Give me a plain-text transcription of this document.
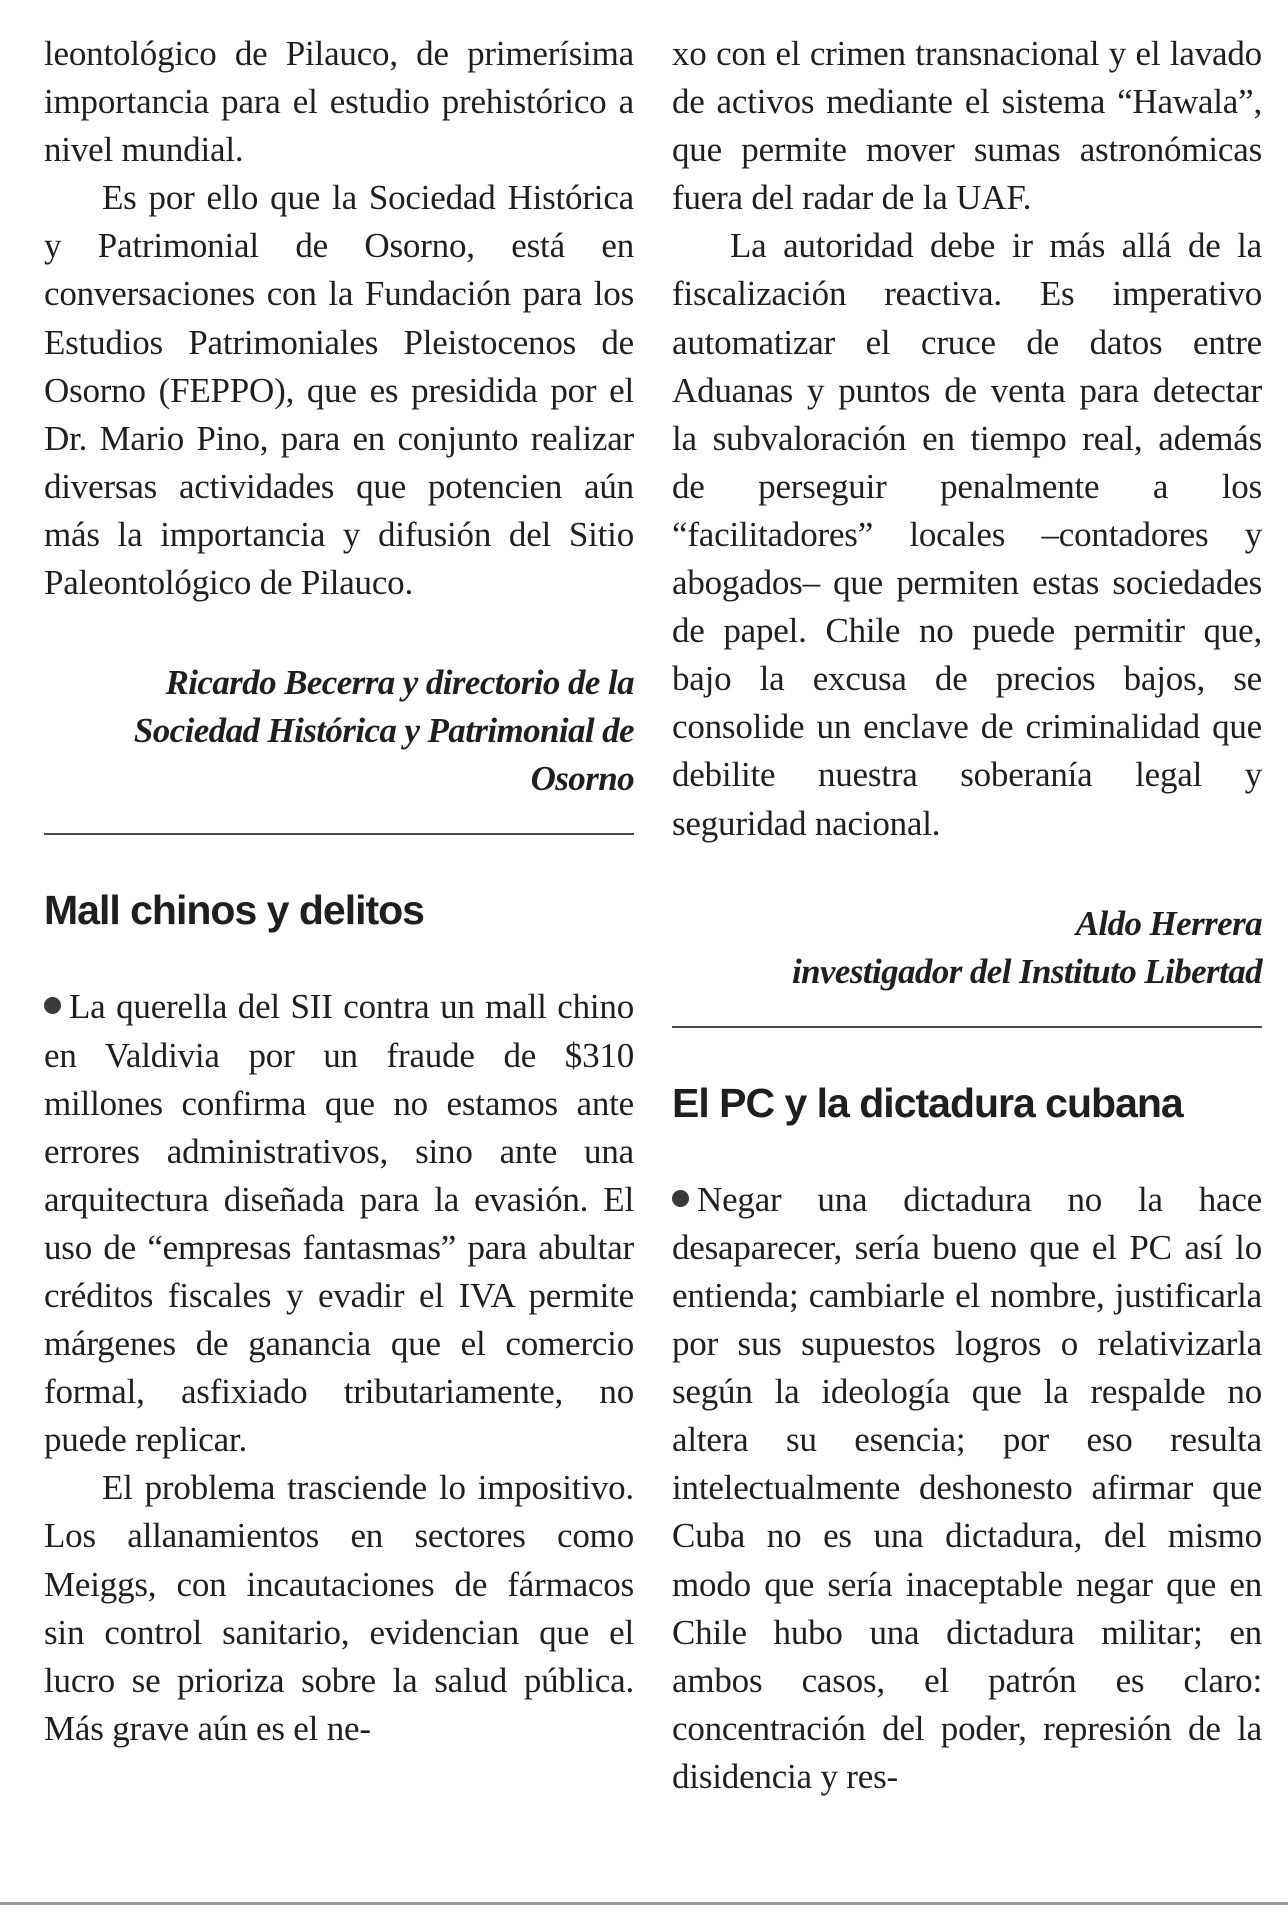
leontológico de Pilauco, de primerísima importancia para el estudio prehistórico a nivel mundial.

Es por ello que la Sociedad Histórica y Patrimonial de Osorno, está en conversaciones con la Fundación para los Estudios Patrimoniales Pleistocenos de Osorno (FEPPO), que es presidida por el Dr. Mario Pino, para en conjunto realizar diversas actividades que potencien aún más la importancia y difusión del Sitio Paleontológico de Pilauco.

Ricardo Becerra y directorio de la
Sociedad Histórica y Patrimonial de
Osorno
Mall chinos y delitos

La querella del SII contra un mall chino en Valdivia por un fraude de $310 millones confirma que no estamos ante errores administrativos, sino ante una arquitectura diseñada para la evasión. El uso de “empresas fantasmas” para abultar créditos fiscales y evadir el IVA permite márgenes de ganancia que el comercio formal, asfixiado tributariamente, no puede replicar.

El problema trasciende lo impositivo. Los allanamientos en sectores como Meiggs, con incautaciones de fármacos sin control sanitario, evidencian que el lucro se prioriza sobre la salud pública. Más grave aún es el ne-

xo con el crimen transnacional y el lavado de activos mediante el sistema “Hawala”, que permite mover sumas astronómicas fuera del radar de la UAF.

La autoridad debe ir más allá de la fiscalización reactiva. Es imperativo automatizar el cruce de datos entre Aduanas y puntos de venta para detectar la subvaloración en tiempo real, además de perseguir penalmente a los “facilitadores” locales –contadores y abogados– que permiten estas sociedades de papel. Chile no puede permitir que, bajo la excusa de precios bajos, se consolide un enclave de criminalidad que debilite nuestra soberanía legal y seguridad nacional.

Aldo Herrera
investigador del Instituto Libertad
El PC y la dictadura cubana

Negar una dictadura no la hace desaparecer, sería bueno que el PC así lo entienda; cambiarle el nombre, justificarla por sus supuestos logros o relativizarla según la ideología que la respalde no altera su esencia; por eso resulta intelectualmente deshonesto afirmar que Cuba no es una dictadura, del mismo modo que sería inaceptable negar que en Chile hubo una dictadura militar; en ambos casos, el patrón es claro: concentración del poder, represión de la disidencia y res-
